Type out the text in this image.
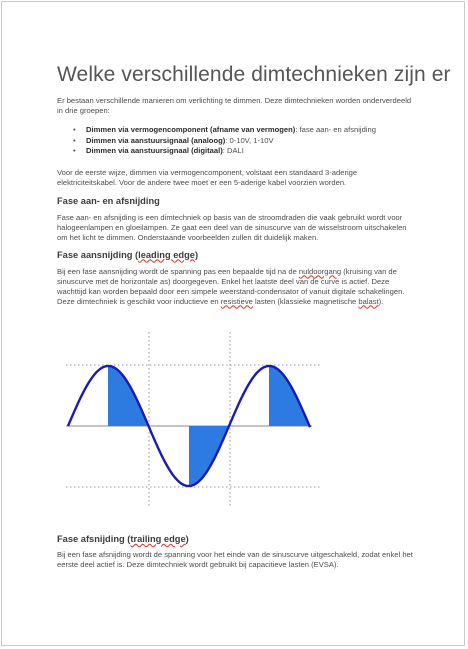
Welke verschillende dimtechnieken zijn er

Er bestaan verschillende manieren om verlichting te dimmen. Deze dimtechnieken worden onderverdeeld in drie groepen:

• Dimmen via vermogencomponent (afname van vermogen): fase aan- en afsnijding
• Dimmen via aanstuursignaal (analoog): 0-10V, 1-10V
• Dimmen via aanstuursignaal (digitaal): DALI

Voor de eerste wijze, dimmen via vermogencomponent, volstaat een standaard 3-aderige elektriciteitskabel. Voor de andere twee moet er een 5-aderige kabel voorzien worden.

Fase aan- en afsnijding

Fase aan- en afsnijding is een dimtechniek op basis van de stroomdraden die vaak gebruikt wordt voor halogeenlampen en gloeilampen. Ze gaat een deel van de sinuscurve van de wisselstroom uitschakelen om het licht te dimmen. Onderstaande voorbeelden zullen dit duidelijk maken.

Fase aansnijding (leading edge)

Bij een fase aansnijding wordt de spanning pas een bepaalde tijd na de nuldoorgang (kruising van de sinuscurve met de horizontale as) doorgegeven. Enkel het laatste deel van de curve is actief. Deze wachttijd kan worden bepaald door een simpele weerstand-condensator of vanuit digitale schakelingen. Deze dimtechniek is geschikt voor inductieve en resistieve lasten (klassieke magnetische balast).

Fase afsnijding (trailing edge)

Bij een fase afsnijding wordt de spanning voor het einde van de sinuscurve uitgeschakeld, zodat enkel het eerste deel actief is. Deze dimtechniek wordt gebruikt bij capacitieve lasten (EVSA).
